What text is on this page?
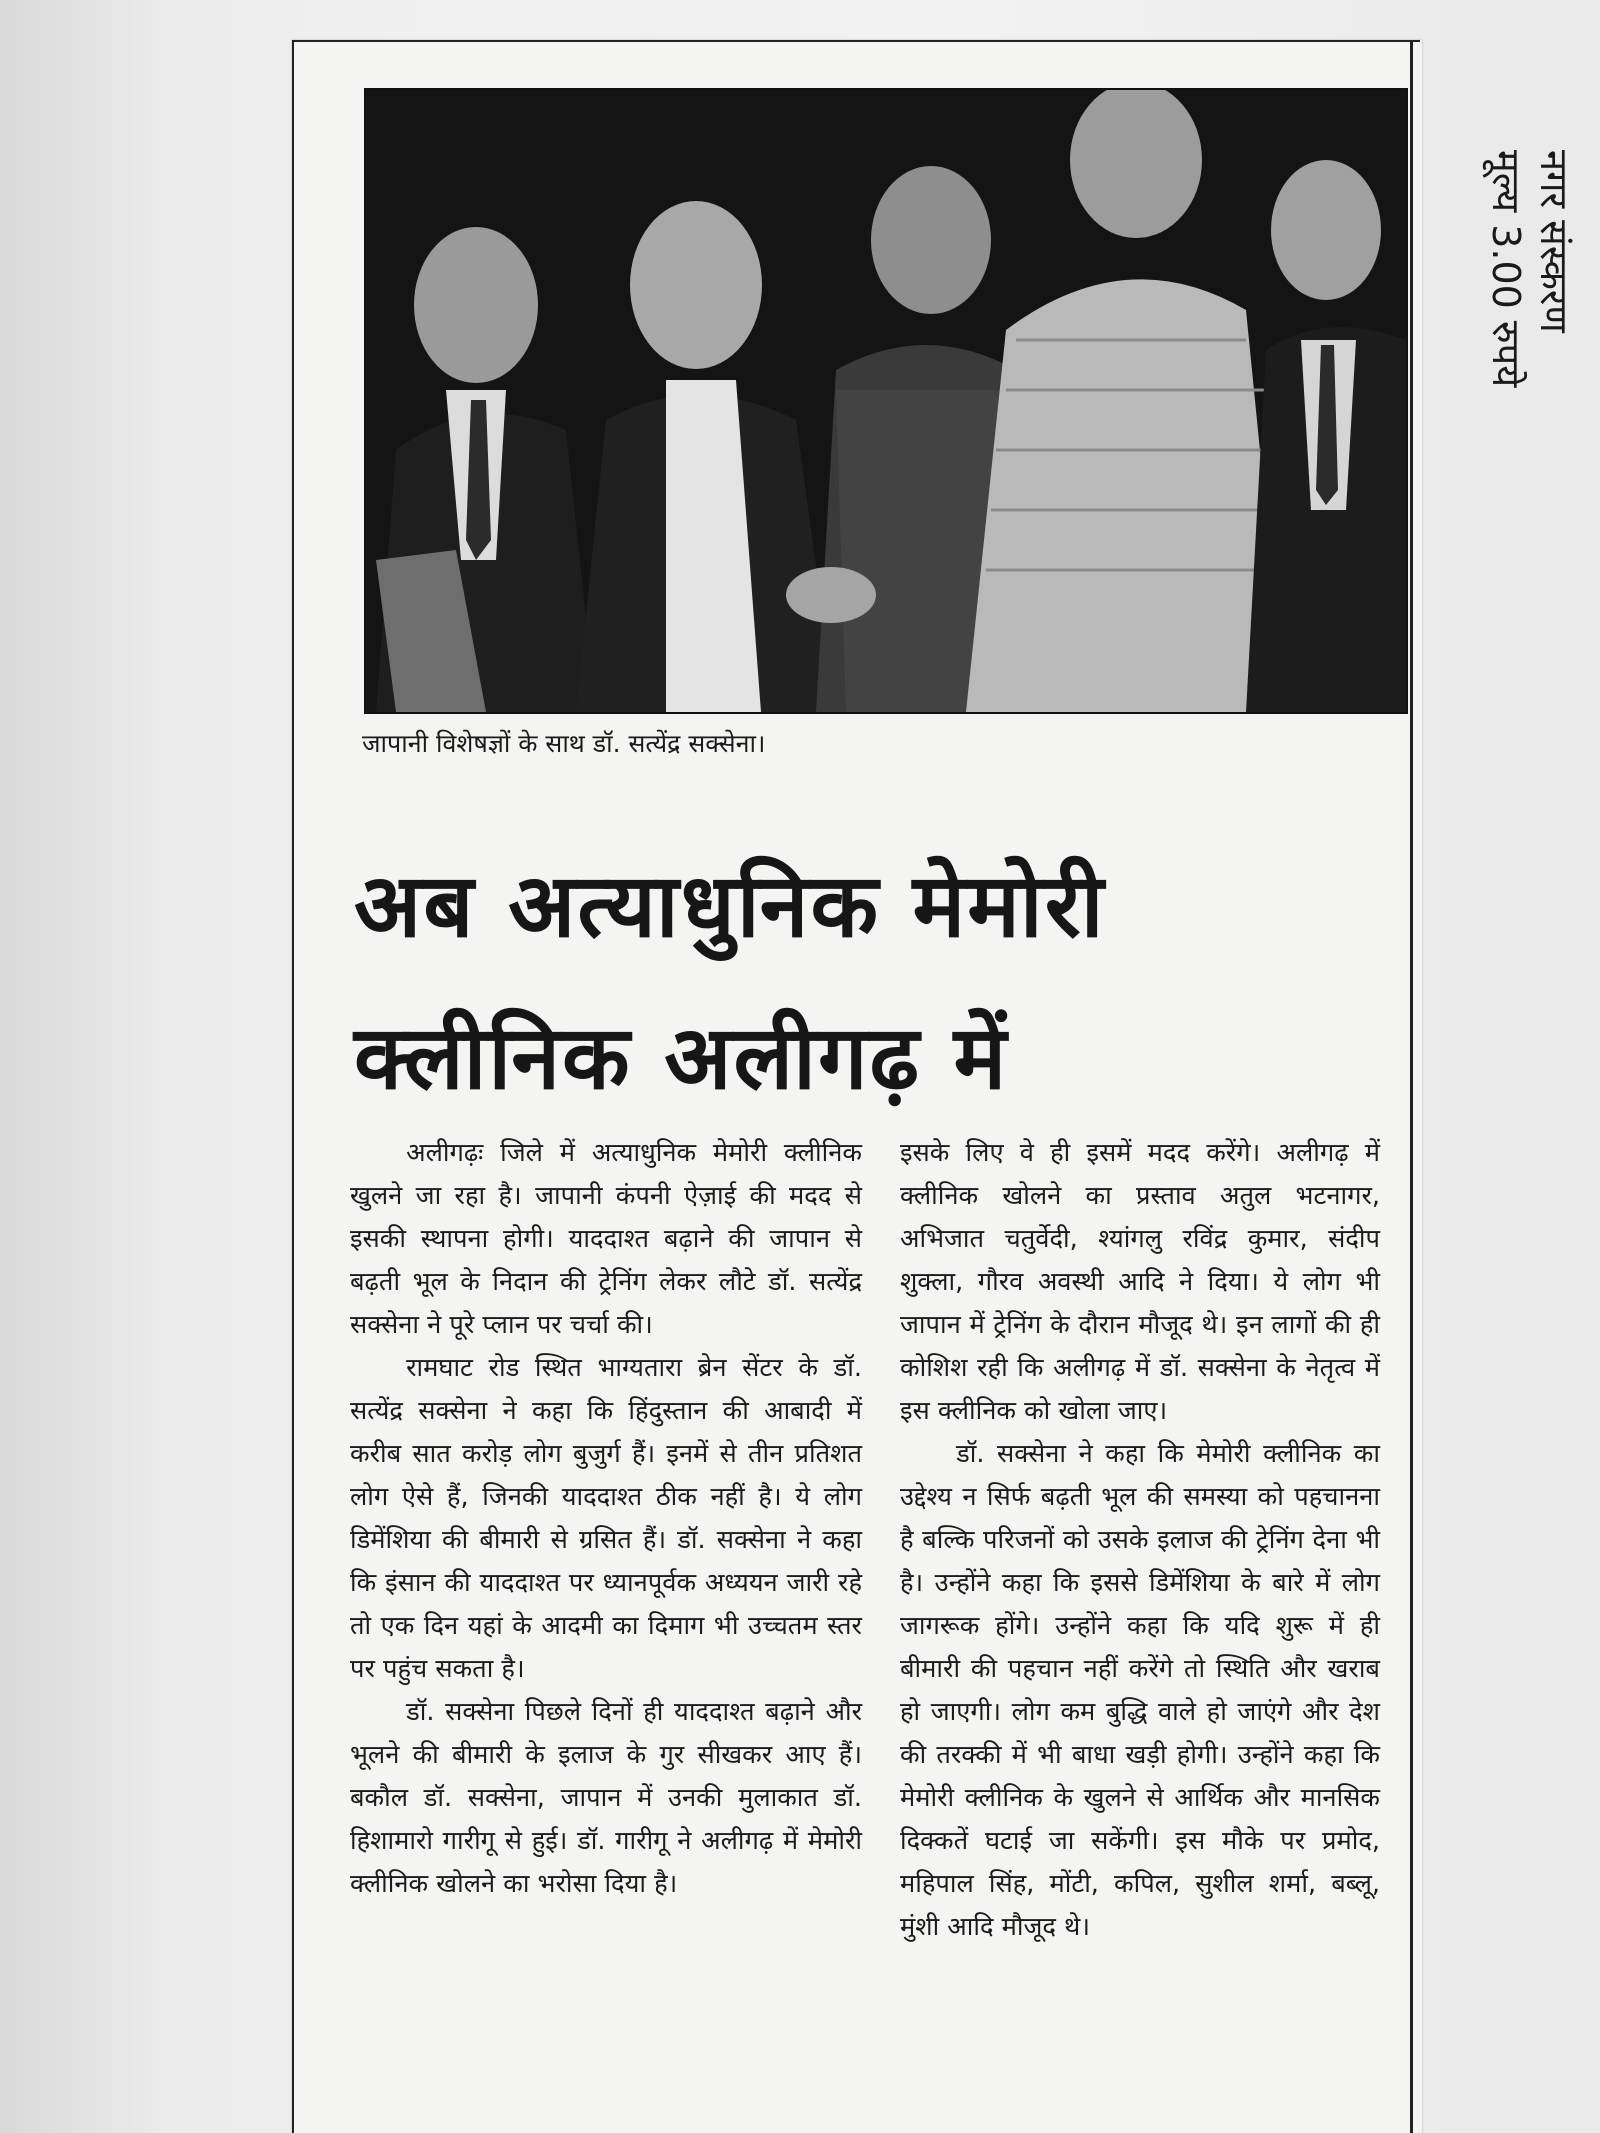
जापानी विशेषज्ञों के साथ डॉ. सत्येंद्र सक्सेना।
अब अत्याधुनिक मेमोरी
क्लीनिक अलीगढ़ में

अलीगढ़ः जिले में अत्याधुनिक मेमोरी क्लीनिक खुलने जा रहा है। जापानी कंपनी ऐज़ाई की मदद से इसकी स्थापना होगी। याददाश्त बढ़ाने की जापान से बढ़ती भूल के निदान की ट्रेनिंग लेकर लौटे डॉ. सत्येंद्र सक्सेना ने पूरे प्लान पर चर्चा की।

रामघाट रोड स्थित भाग्यतारा ब्रेन सेंटर के डॉ. सत्येंद्र सक्सेना ने कहा कि हिंदुस्तान की आबादी में करीब सात करोड़ लोग बुजुर्ग हैं। इनमें से तीन प्रतिशत लोग ऐसे हैं, जिनकी याददाश्त ठीक नहीं है। ये लोग डिमेंशिया की बीमारी से ग्रसित हैं। डॉ. सक्सेना ने कहा कि इंसान की याददाश्त पर ध्यानपूर्वक अध्ययन जारी रहे तो एक दिन यहां के आदमी का दिमाग भी उच्चतम स्तर पर पहुंच सकता है।

डॉ. सक्सेना पिछले दिनों ही याददाश्त बढ़ाने और भूलने की बीमारी के इलाज के गुर सीखकर आए हैं। बकौल डॉ. सक्सेना, जापान में उनकी मुलाकात डॉ. हिशामारो गारीगू से हुई। डॉ. गारीगू ने अलीगढ़ में मेमोरी क्लीनिक खोलने का भरोसा दिया है।

इसके लिए वे ही इसमें मदद करेंगे। अलीगढ़ में क्लीनिक खोलने का प्रस्ताव अतुल भटनागर, अभिजात चतुर्वेदी, श्यांगलु रविंद्र कुमार, संदीप शुक्ला, गौरव अवस्थी आदि ने दिया। ये लोग भी जापान में ट्रेनिंग के दौरान मौजूद थे। इन लागों की ही कोशिश रही कि अलीगढ़ में डॉ. सक्सेना के नेतृत्व में इस क्लीनिक को खोला जाए।

डॉ. सक्सेना ने कहा कि मेमोरी क्लीनिक का उद्देश्य न सिर्फ बढ़ती भूल की समस्या को पहचानना है बल्कि परिजनों को उसके इलाज की ट्रेनिंग देना भी है। उन्होंने कहा कि इससे डिमेंशिया के बारे में लोग जागरूक होंगे। उन्होंने कहा कि यदि शुरू में ही बीमारी की पहचान नहीं करेंगे तो स्थिति और खराब हो जाएगी। लोग कम बुद्धि वाले हो जाएंगे और देश की तरक्की में भी बाधा खड़ी होगी। उन्होंने कहा कि मेमोरी क्लीनिक के खुलने से आर्थिक और मानसिक दिक्कतें घटाई जा सकेंगी। इस मौके पर प्रमोद, महिपाल सिंह, मोंटी, कपिल, सुशील शर्मा, बब्लू, मुंशी आदि मौजूद थे।

नगर संस्करण
मूल्य 3.00 रुपये
